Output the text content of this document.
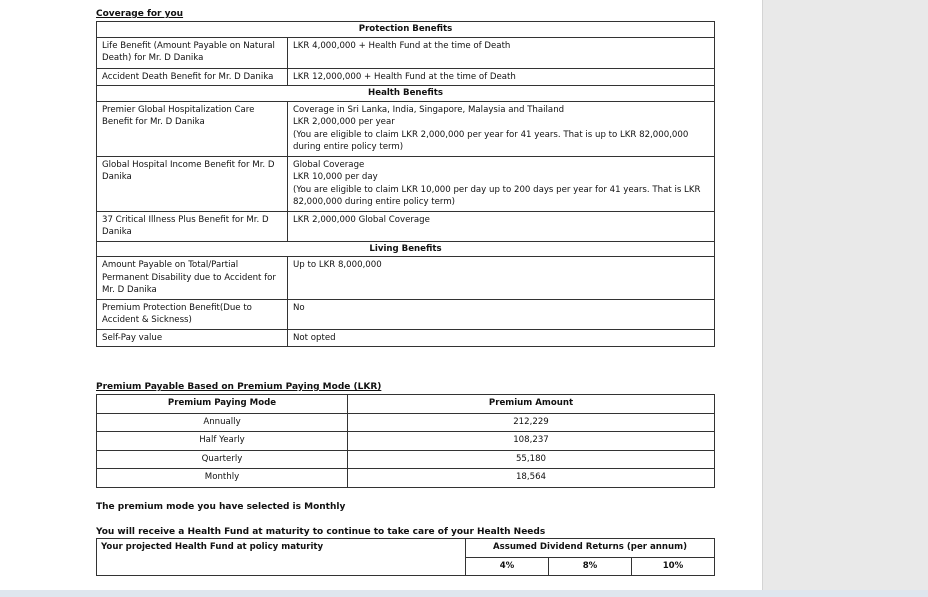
Coverage for you
Protection Benefits	
Life Benefit (Amount Payable on Natural Death) for Mr. D Danika	LKR 4,000,000 + Health Fund at the time of Death
Accident Death Benefit for Mr. D Danika	LKR 12,000,000 + Health Fund at the time of Death
Health Benefits	
Premier Global Hospitalization Care Benefit for Mr. D Danika	Coverage in Sri Lanka, India, Singapore, Malaysia and Thailand
LKR 2,000,000 per year
(You are eligible to claim LKR 2,000,000 per year for 41 years. That is up to LKR 82,000,000 during entire policy term)

Global Hospital Income Benefit for Mr. D Danika	Global Coverage
LKR 10,000 per day
(You are eligible to claim LKR 10,000 per day up to 200 days per year for 41 years. That is LKR 82,000,000 during entire policy term)

37 Critical Illness Plus Benefit for Mr. D Danika	LKR 2,000,000 Global Coverage

Living Benefits	
Amount Payable on Total/Partial Permanent Disability due to Accident for Mr. D Danika	Up to LKR 8,000,000
Premium Protection Benefit(Due to Accident & Sickness)	No
Self-Pay value	Not opted
Premium Payable Based on Premium Paying Mode (LKR)
Premium Paying Mode	Premium Amount
Annually	212,229
Half Yearly	108,237
Quarterly	55,180
Monthly	18,564
The premium mode you have selected is Monthly
You will receive a Health Fund at maturity to continue to take care of your Health Needs
Your projected Health Fund at policy maturity	Assumed Dividend Returns (per annum)		
	4%	8%	10%
